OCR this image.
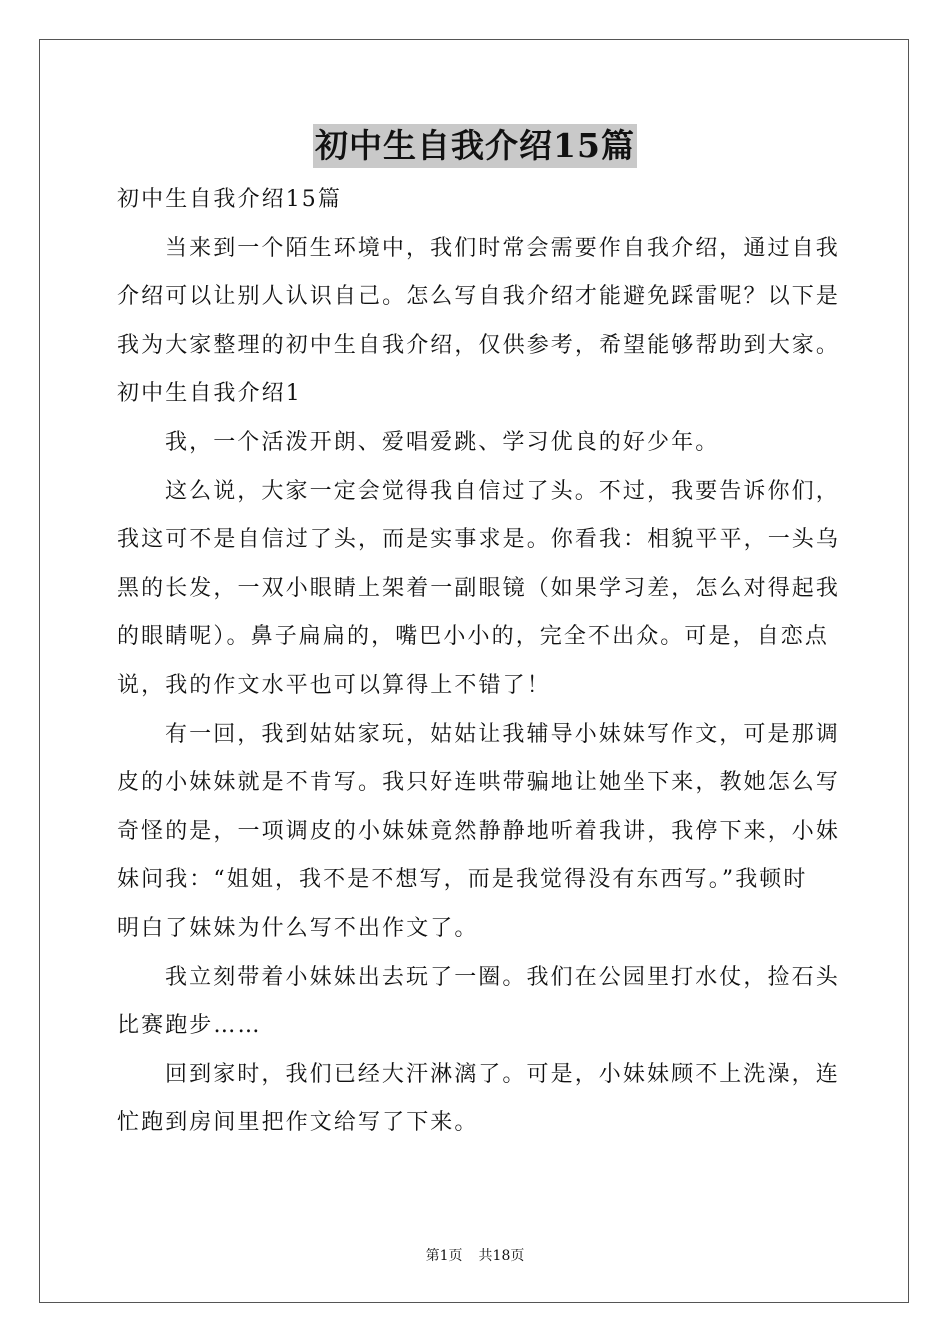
初中生自我介绍15篇
初中生自我介绍15篇
当来到一个陌生环境中，我们时常会需要作自我介绍，通过自我
介绍可以让别人认识自己。怎么写自我介绍才能避免踩雷呢？以下是
我为大家整理的初中生自我介绍，仅供参考，希望能够帮助到大家。
初中生自我介绍1
我，一个活泼开朗、爱唱爱跳、学习优良的好少年。
这么说，大家一定会觉得我自信过了头。不过，我要告诉你们，
我这可不是自信过了头，而是实事求是。你看我：相貌平平，一头乌
黑的长发，一双小眼睛上架着一副眼镜（如果学习差，怎么对得起我
的眼睛呢）。鼻子扁扁的，嘴巴小小的，完全不出众。可是，自恋点
说，我的作文水平也可以算得上不错了！
有一回，我到姑姑家玩，姑姑让我辅导小妹妹写作文，可是那调
皮的小妹妹就是不肯写。我只好连哄带骗地让她坐下来，教她怎么写
奇怪的是，一项调皮的小妹妹竟然静静地听着我讲，我停下来，小妹
妹问我：“姐姐，我不是不想写，而是我觉得没有东西写。”我顿时
明白了妹妹为什么写不出作文了。
我立刻带着小妹妹出去玩了一圈。我们在公园里打水仗，捡石头
比赛跑步……
回到家时，我们已经大汗淋漓了。可是，小妹妹顾不上洗澡，连
忙跑到房间里把作文给写了下来。
第1页 共18页
